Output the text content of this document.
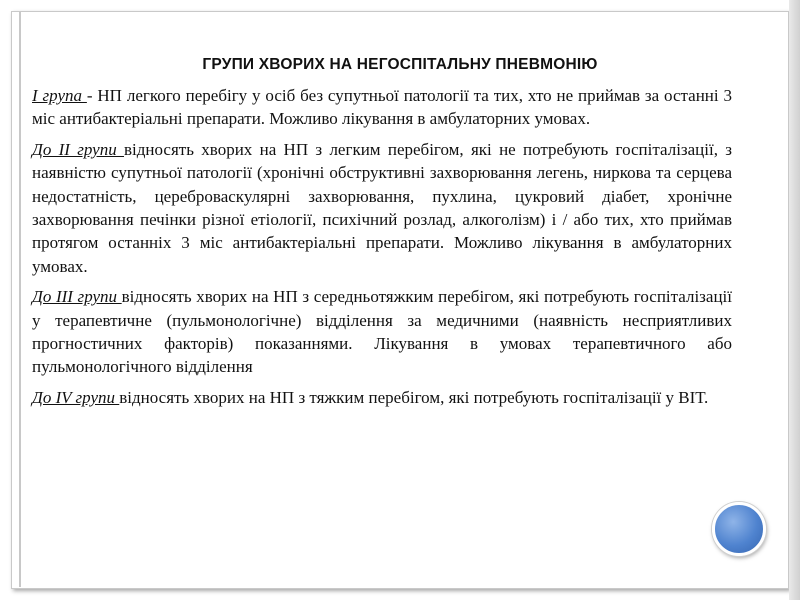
ГРУПИ ХВОРИХ НА НЕГОСПІТАЛЬНУ ПНЕВМОНІЮ

I група - НП легкого перебігу у осіб без супутньої патології та тих, хто не приймав за останні 3 міс антибактеріальні препарати. Можливо лікування в амбулаторних умовах.

До II групи відносять хворих на НП з легким перебігом, які не потребують госпіталізації, з наявністю супутньої патології (хронічні обструктивні захворювання легень, ниркова та серцева недостатність, цереброваскулярні захворювання, пухлина, цукровий діабет, хронічне захворювання печінки різної етіології, психічний розлад, алкоголізм) і / або тих, хто приймав протягом останніх 3 міс антибактеріальні препарати. Можливо лікування в амбулаторних умовах.

До III групи відносять хворих на НП з середньотяжким перебігом, які потребують госпіталізації у терапевтичне (пульмонологічне) відділення за медичними (наявність несприятливих прогностичних факторів) показаннями. Лікування в умовах терапевтичного або пульмонологічного відділення

До IV групи відносять хворих на НП з тяжким перебігом, які потребують госпіталізації у ВІТ.
